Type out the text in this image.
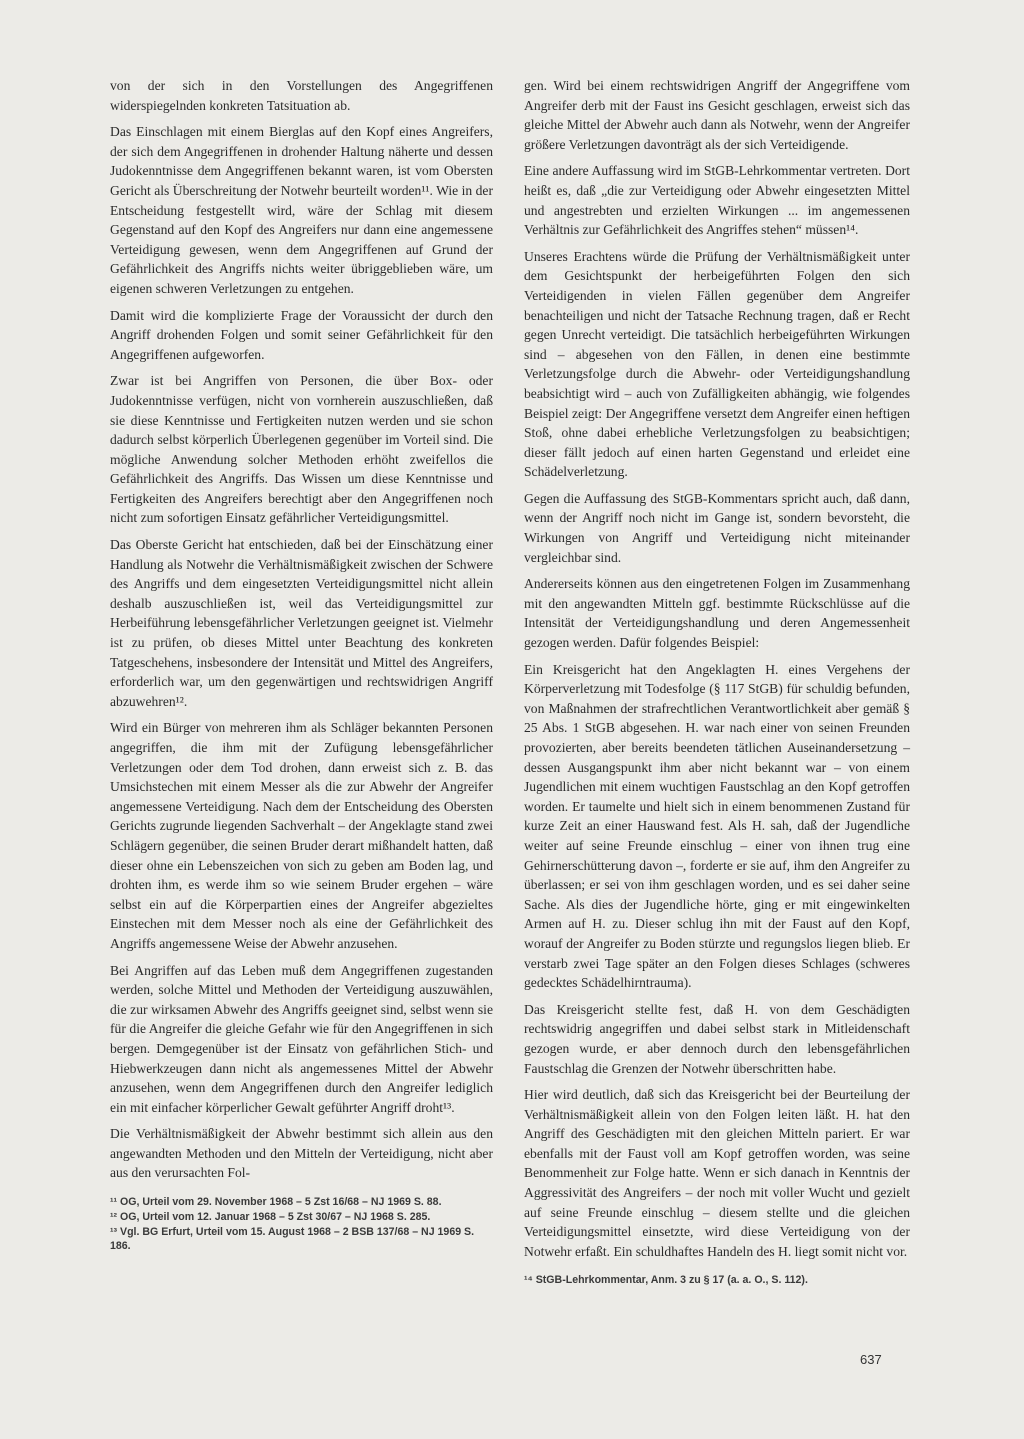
von der sich in den Vorstellungen des Angegriffenen widerspiegelnden konkreten Tatsituation ab.

Das Einschlagen mit einem Bierglas auf den Kopf eines Angreifers, der sich dem Angegriffenen in drohender Haltung näherte und dessen Judokenntnisse dem Angegriffenen bekannt waren, ist vom Obersten Gericht als Überschreitung der Notwehr beurteilt worden¹¹. Wie in der Entscheidung festgestellt wird, wäre der Schlag mit diesem Gegenstand auf den Kopf des Angreifers nur dann eine angemessene Verteidigung gewesen, wenn dem Angegriffenen auf Grund der Gefährlichkeit des Angriffs nichts weiter übriggeblieben wäre, um eigenen schweren Verletzungen zu entgehen.

Damit wird die komplizierte Frage der Voraussicht der durch den Angriff drohenden Folgen und somit seiner Gefährlichkeit für den Angegriffenen aufgeworfen.

Zwar ist bei Angriffen von Personen, die über Box- oder Judokenntnisse verfügen, nicht von vornherein auszuschließen, daß sie diese Kenntnisse und Fertigkeiten nutzen werden und sie schon dadurch selbst körperlich Überlegenen gegenüber im Vorteil sind. Die mögliche Anwendung solcher Methoden erhöht zweifellos die Gefährlichkeit des Angriffs. Das Wissen um diese Kenntnisse und Fertigkeiten des Angreifers berechtigt aber den Angegriffenen noch nicht zum sofortigen Einsatz gefährlicher Verteidigungsmittel.

Das Oberste Gericht hat entschieden, daß bei der Einschätzung einer Handlung als Notwehr die Verhältnismäßigkeit zwischen der Schwere des Angriffs und dem eingesetzten Verteidigungsmittel nicht allein deshalb auszuschließen ist, weil das Verteidigungsmittel zur Herbeiführung lebensgefährlicher Verletzungen geeignet ist. Vielmehr ist zu prüfen, ob dieses Mittel unter Beachtung des konkreten Tatgeschehens, insbesondere der Intensität und Mittel des Angreifers, erforderlich war, um den gegenwärtigen und rechtswidrigen Angriff abzuwehren¹².

Wird ein Bürger von mehreren ihm als Schläger bekannten Personen angegriffen, die ihm mit der Zufügung lebensgefährlicher Verletzungen oder dem Tod drohen, dann erweist sich z. B. das Umsichstechen mit einem Messer als die zur Abwehr der Angreifer angemessene Verteidigung. Nach dem der Entscheidung des Obersten Gerichts zugrunde liegenden Sachverhalt – der Angeklagte stand zwei Schlägern gegenüber, die seinen Bruder derart mißhandelt hatten, daß dieser ohne ein Lebenszeichen von sich zu geben am Boden lag, und drohten ihm, es werde ihm so wie seinem Bruder ergehen – wäre selbst ein auf die Körperpartien eines der Angreifer abgezieltes Einstechen mit dem Messer noch als eine der Gefährlichkeit des Angriffs angemessene Weise der Abwehr anzusehen.

Bei Angriffen auf das Leben muß dem Angegriffenen zugestanden werden, solche Mittel und Methoden der Verteidigung auszuwählen, die zur wirksamen Abwehr des Angriffs geeignet sind, selbst wenn sie für die Angreifer die gleiche Gefahr wie für den Angegriffenen in sich bergen. Demgegenüber ist der Einsatz von gefährlichen Stich- und Hiebwerkzeugen dann nicht als angemessenes Mittel der Abwehr anzusehen, wenn dem Angegriffenen durch den Angreifer lediglich ein mit einfacher körperlicher Gewalt geführter Angriff droht¹³.

Die Verhältnismäßigkeit der Abwehr bestimmt sich allein aus den angewandten Methoden und den Mitteln der Verteidigung, nicht aber aus den verursachten Fol-

¹¹ OG, Urteil vom 29. November 1968 – 5 Zst 16/68 – NJ 1969 S. 88.

¹² OG, Urteil vom 12. Januar 1968 – 5 Zst 30/67 – NJ 1968 S. 285.

¹³ Vgl. BG Erfurt, Urteil vom 15. August 1968 – 2 BSB 137/68 – NJ 1969 S. 186.

gen. Wird bei einem rechtswidrigen Angriff der Angegriffene vom Angreifer derb mit der Faust ins Gesicht geschlagen, erweist sich das gleiche Mittel der Abwehr auch dann als Notwehr, wenn der Angreifer größere Verletzungen davonträgt als der sich Verteidigende.

Eine andere Auffassung wird im StGB-Lehrkommentar vertreten. Dort heißt es, daß „die zur Verteidigung oder Abwehr eingesetzten Mittel und angestrebten und erzielten Wirkungen ... im angemessenen Verhältnis zur Gefährlichkeit des Angriffes stehen“ müssen¹⁴.

Unseres Erachtens würde die Prüfung der Verhältnismäßigkeit unter dem Gesichtspunkt der herbeigeführten Folgen den sich Verteidigenden in vielen Fällen gegenüber dem Angreifer benachteiligen und nicht der Tatsache Rechnung tragen, daß er Recht gegen Unrecht verteidigt. Die tatsächlich herbeigeführten Wirkungen sind – abgesehen von den Fällen, in denen eine bestimmte Verletzungsfolge durch die Abwehr- oder Verteidigungshandlung beabsichtigt wird – auch von Zufälligkeiten abhängig, wie folgendes Beispiel zeigt: Der Angegriffene versetzt dem Angreifer einen heftigen Stoß, ohne dabei erhebliche Verletzungsfolgen zu beabsichtigen; dieser fällt jedoch auf einen harten Gegenstand und erleidet eine Schädelverletzung.

Gegen die Auffassung des StGB-Kommentars spricht auch, daß dann, wenn der Angriff noch nicht im Gange ist, sondern bevorsteht, die Wirkungen von Angriff und Verteidigung nicht miteinander vergleichbar sind.

Andererseits können aus den eingetretenen Folgen im Zusammenhang mit den angewandten Mitteln ggf. bestimmte Rückschlüsse auf die Intensität der Verteidigungshandlung und deren Angemessenheit gezogen werden. Dafür folgendes Beispiel:

Ein Kreisgericht hat den Angeklagten H. eines Vergehens der Körperverletzung mit Todesfolge (§ 117 StGB) für schuldig befunden, von Maßnahmen der strafrechtlichen Verantwortlichkeit aber gemäß § 25 Abs. 1 StGB abgesehen. H. war nach einer von seinen Freunden provozierten, aber bereits beendeten tätlichen Auseinandersetzung – dessen Ausgangspunkt ihm aber nicht bekannt war – von einem Jugendlichen mit einem wuchtigen Faustschlag an den Kopf getroffen worden. Er taumelte und hielt sich in einem benommenen Zustand für kurze Zeit an einer Hauswand fest. Als H. sah, daß der Jugendliche weiter auf seine Freunde einschlug – einer von ihnen trug eine Gehirnerschütterung davon –, forderte er sie auf, ihm den Angreifer zu überlassen; er sei von ihm geschlagen worden, und es sei daher seine Sache. Als dies der Jugendliche hörte, ging er mit eingewinkelten Armen auf H. zu. Dieser schlug ihn mit der Faust auf den Kopf, worauf der Angreifer zu Boden stürzte und regungslos liegen blieb. Er verstarb zwei Tage später an den Folgen dieses Schlages (schweres gedecktes Schädelhirntrauma).

Das Kreisgericht stellte fest, daß H. von dem Geschädigten rechtswidrig angegriffen und dabei selbst stark in Mitleidenschaft gezogen wurde, er aber dennoch durch den lebensgefährlichen Faustschlag die Grenzen der Notwehr überschritten habe.

Hier wird deutlich, daß sich das Kreisgericht bei der Beurteilung der Verhältnismäßigkeit allein von den Folgen leiten läßt. H. hat den Angriff des Geschädigten mit den gleichen Mitteln pariert. Er war ebenfalls mit der Faust voll am Kopf getroffen worden, was seine Benommenheit zur Folge hatte. Wenn er sich danach in Kenntnis der Aggressivität des Angreifers – der noch mit voller Wucht und gezielt auf seine Freunde einschlug – diesem stellte und die gleichen Verteidigungsmittel einsetzte, wird diese Verteidigung von der Notwehr erfaßt. Ein schuldhaftes Handeln des H. liegt somit nicht vor.

¹⁴ StGB-Lehrkommentar, Anm. 3 zu § 17 (a. a. O., S. 112).

637
